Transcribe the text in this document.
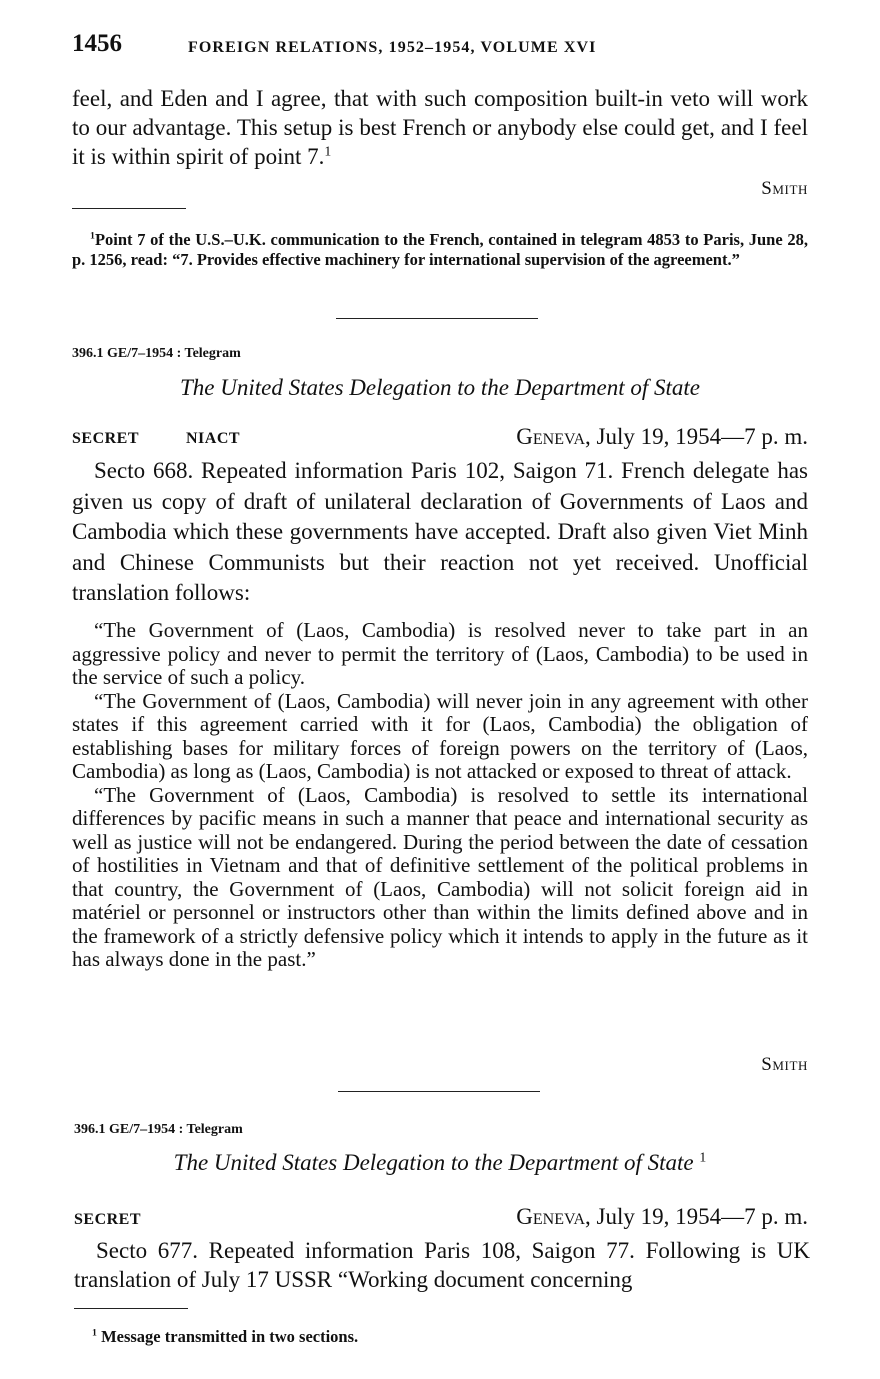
1456	FOREIGN RELATIONS, 1952–1954, VOLUME XVI
feel, and Eden and I agree, that with such composition built-in veto will work to our advantage. This setup is best French or anybody else could get, and I feel it is within spirit of point 7.$^1$
Smith
$^1$Point 7 of the U.S.–U.K. communication to the French, contained in telegram 4853 to Paris, June 28, p. 1256, read: “7. Provides effective machinery for international supervision of the agreement.”
396.1 GE/7–1954 : Telegram
The United States Delegation to the Department of State
SECRET	NIACT	Geneva, July 19, 1954—7 p. m.
Secto 668. Repeated information Paris 102, Saigon 71. French delegate has given us copy of draft of unilateral declaration of Governments of Laos and Cambodia which these governments have accepted. Draft also given Viet Minh and Chinese Communists but their reaction not yet received. Unofficial translation follows:

“The Government of (Laos, Cambodia) is resolved never to take part in an aggressive policy and never to permit the territory of (Laos, Cambodia) to be used in the service of such a policy.

“The Government of (Laos, Cambodia) will never join in any agreement with other states if this agreement carried with it for (Laos, Cambodia) the obligation of establishing bases for military forces of foreign powers on the territory of (Laos, Cambodia) as long as (Laos, Cambodia) is not attacked or exposed to threat of attack.

“The Government of (Laos, Cambodia) is resolved to settle its international differences by pacific means in such a manner that peace and international security as well as justice will not be endangered. During the period between the date of cessation of hostilities in Vietnam and that of definitive settlement of the political problems in that country, the Government of (Laos, Cambodia) will not solicit foreign aid in matériel or personnel or instructors other than within the limits defined above and in the framework of a strictly defensive policy which it intends to apply in the future as it has always done in the past.”

Smith
396.1 GE/7–1954 : Telegram
The United States Delegation to the Department of State $^1$
SECRET	Geneva, July 19, 1954—7 p. m.
Secto 677. Repeated information Paris 108, Saigon 77. Following is UK translation of July 17 USSR “Working document concerning
$^1$ Message transmitted in two sections.
